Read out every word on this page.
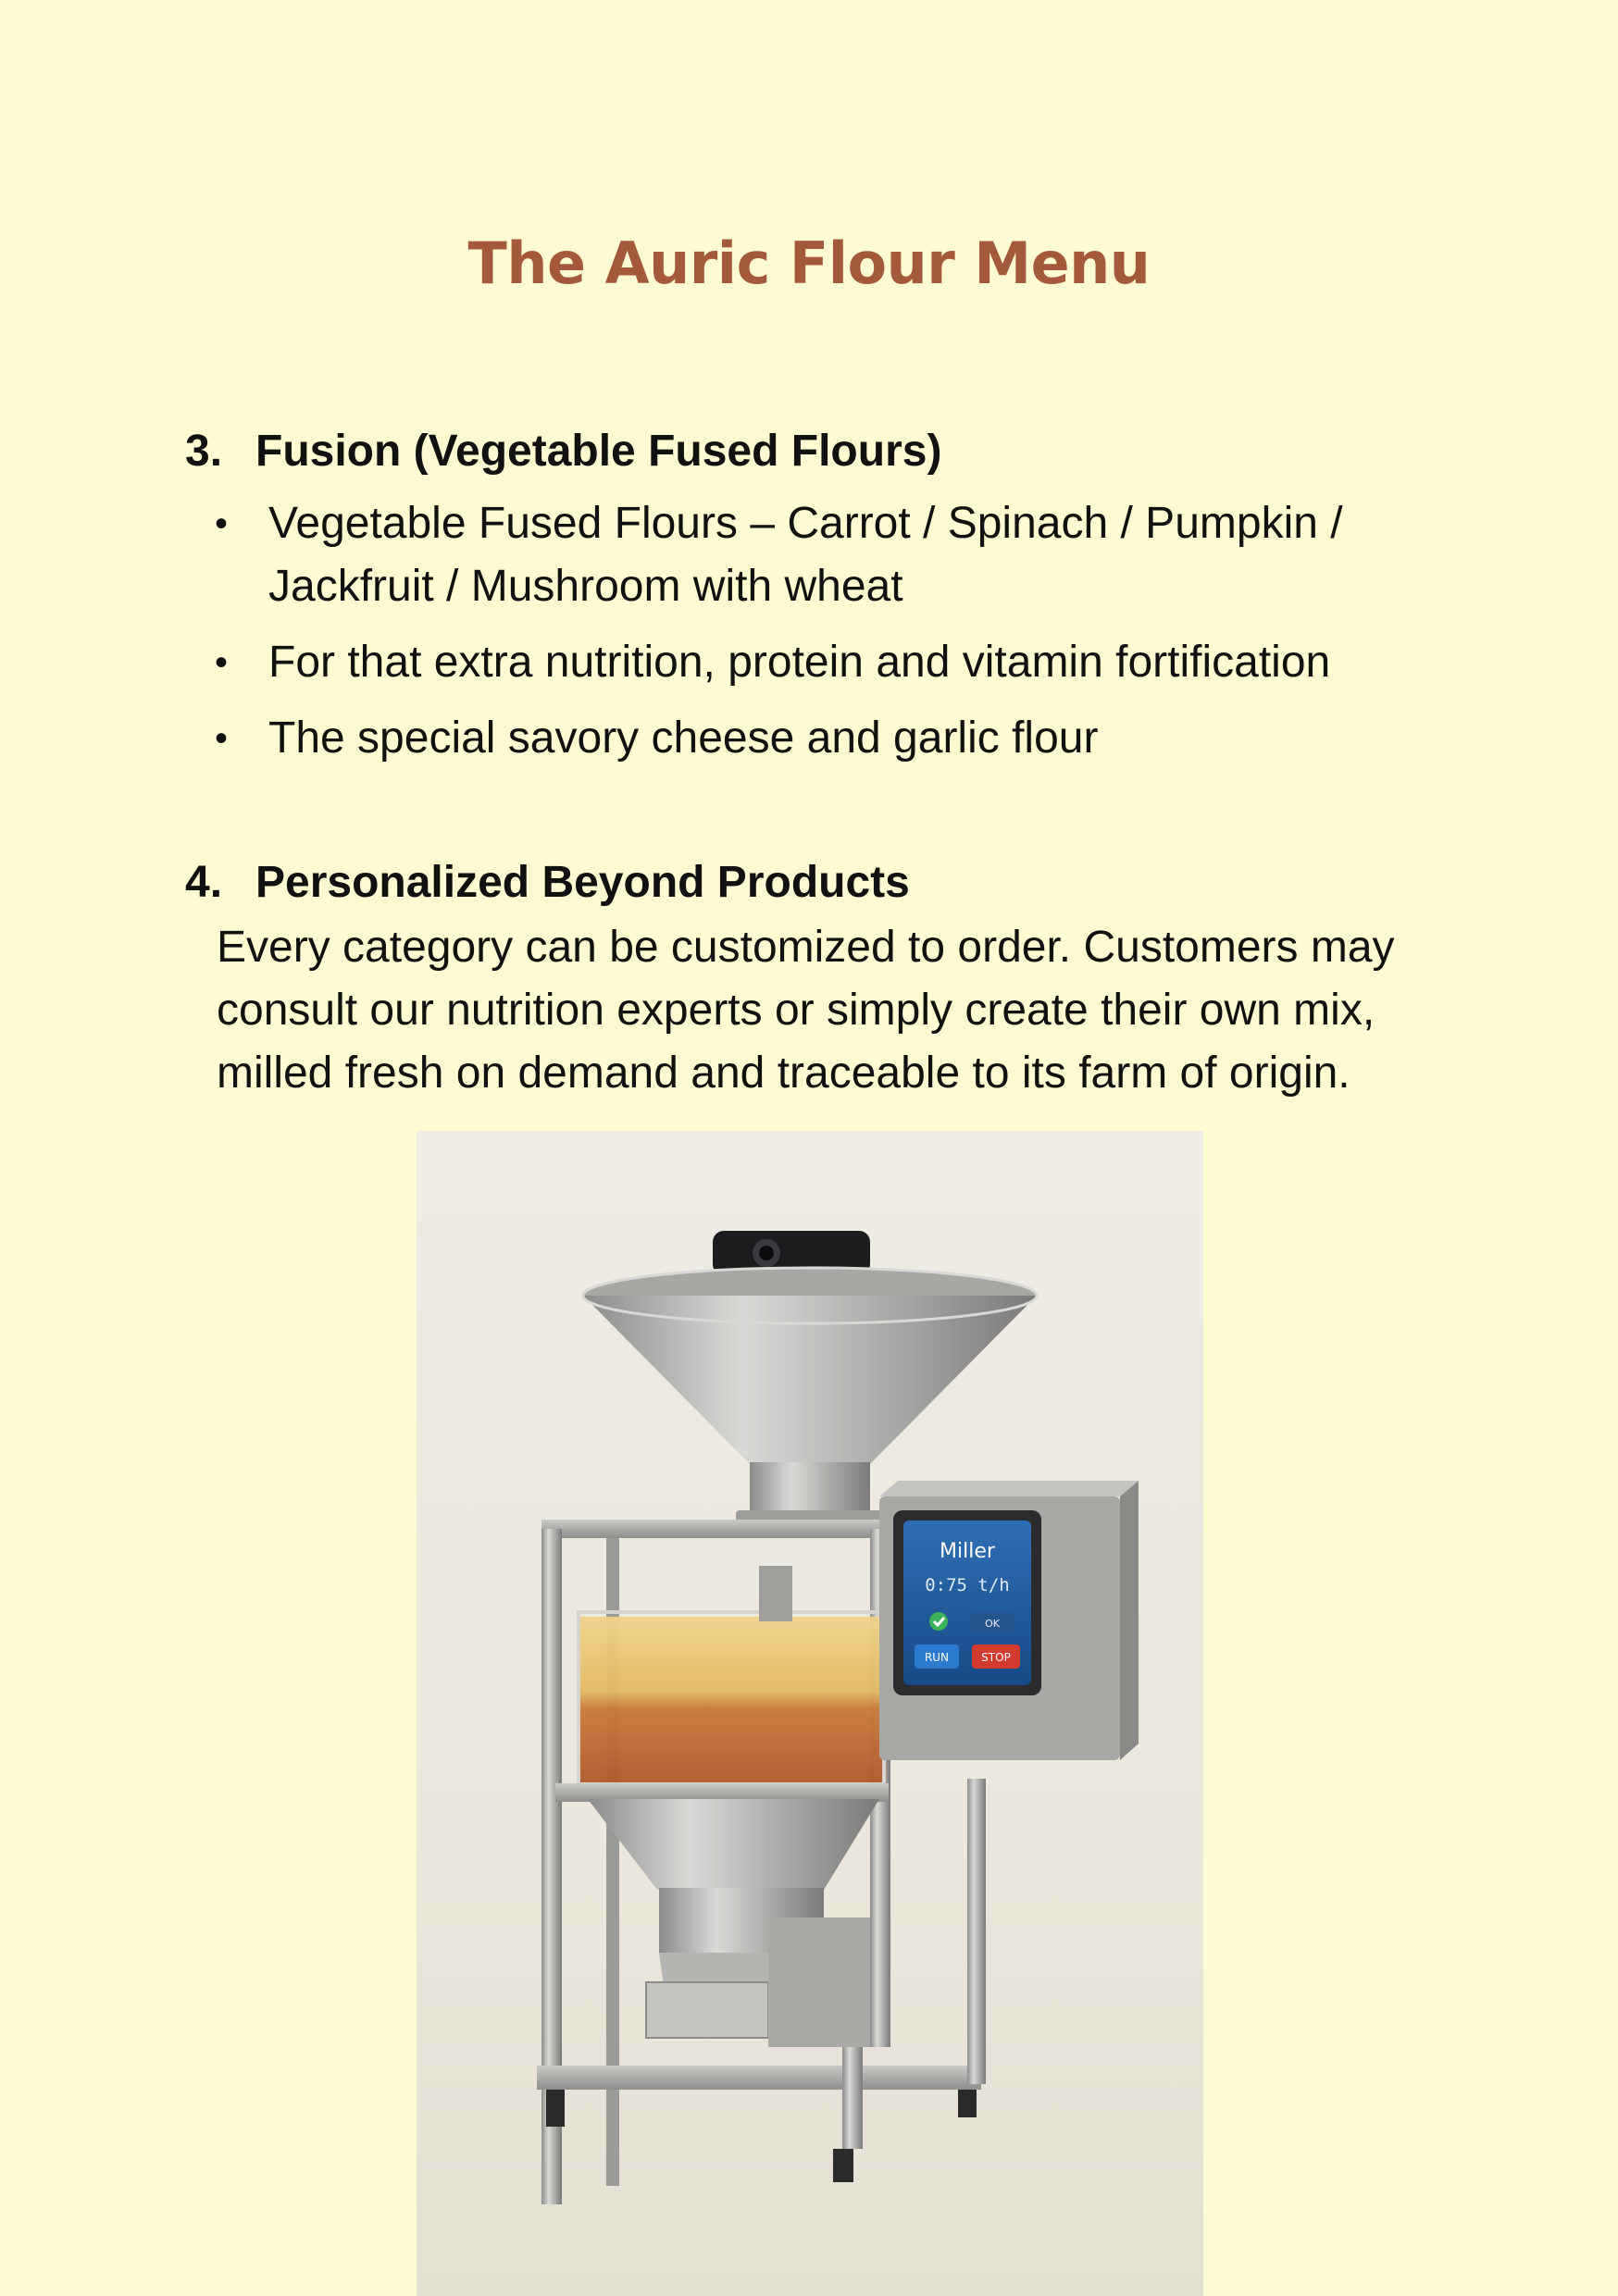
The Auric Flour Menu
3. Fusion (Vegetable Fused Flours)
• Vegetable Fused Flours – Carrot / Spinach / Pumpkin / Jackfruit / Mushroom with wheat
• For that extra nutrition, protein and vitamin fortification
• The special savory cheese and garlic flour
4. Personalized Beyond Products
Every category can be customized to order. Customers may consult our nutrition experts or simply create their own mix, milled fresh on demand and traceable to its farm of origin.
Miller
0:75 t/h
OK
RUN	STOP
